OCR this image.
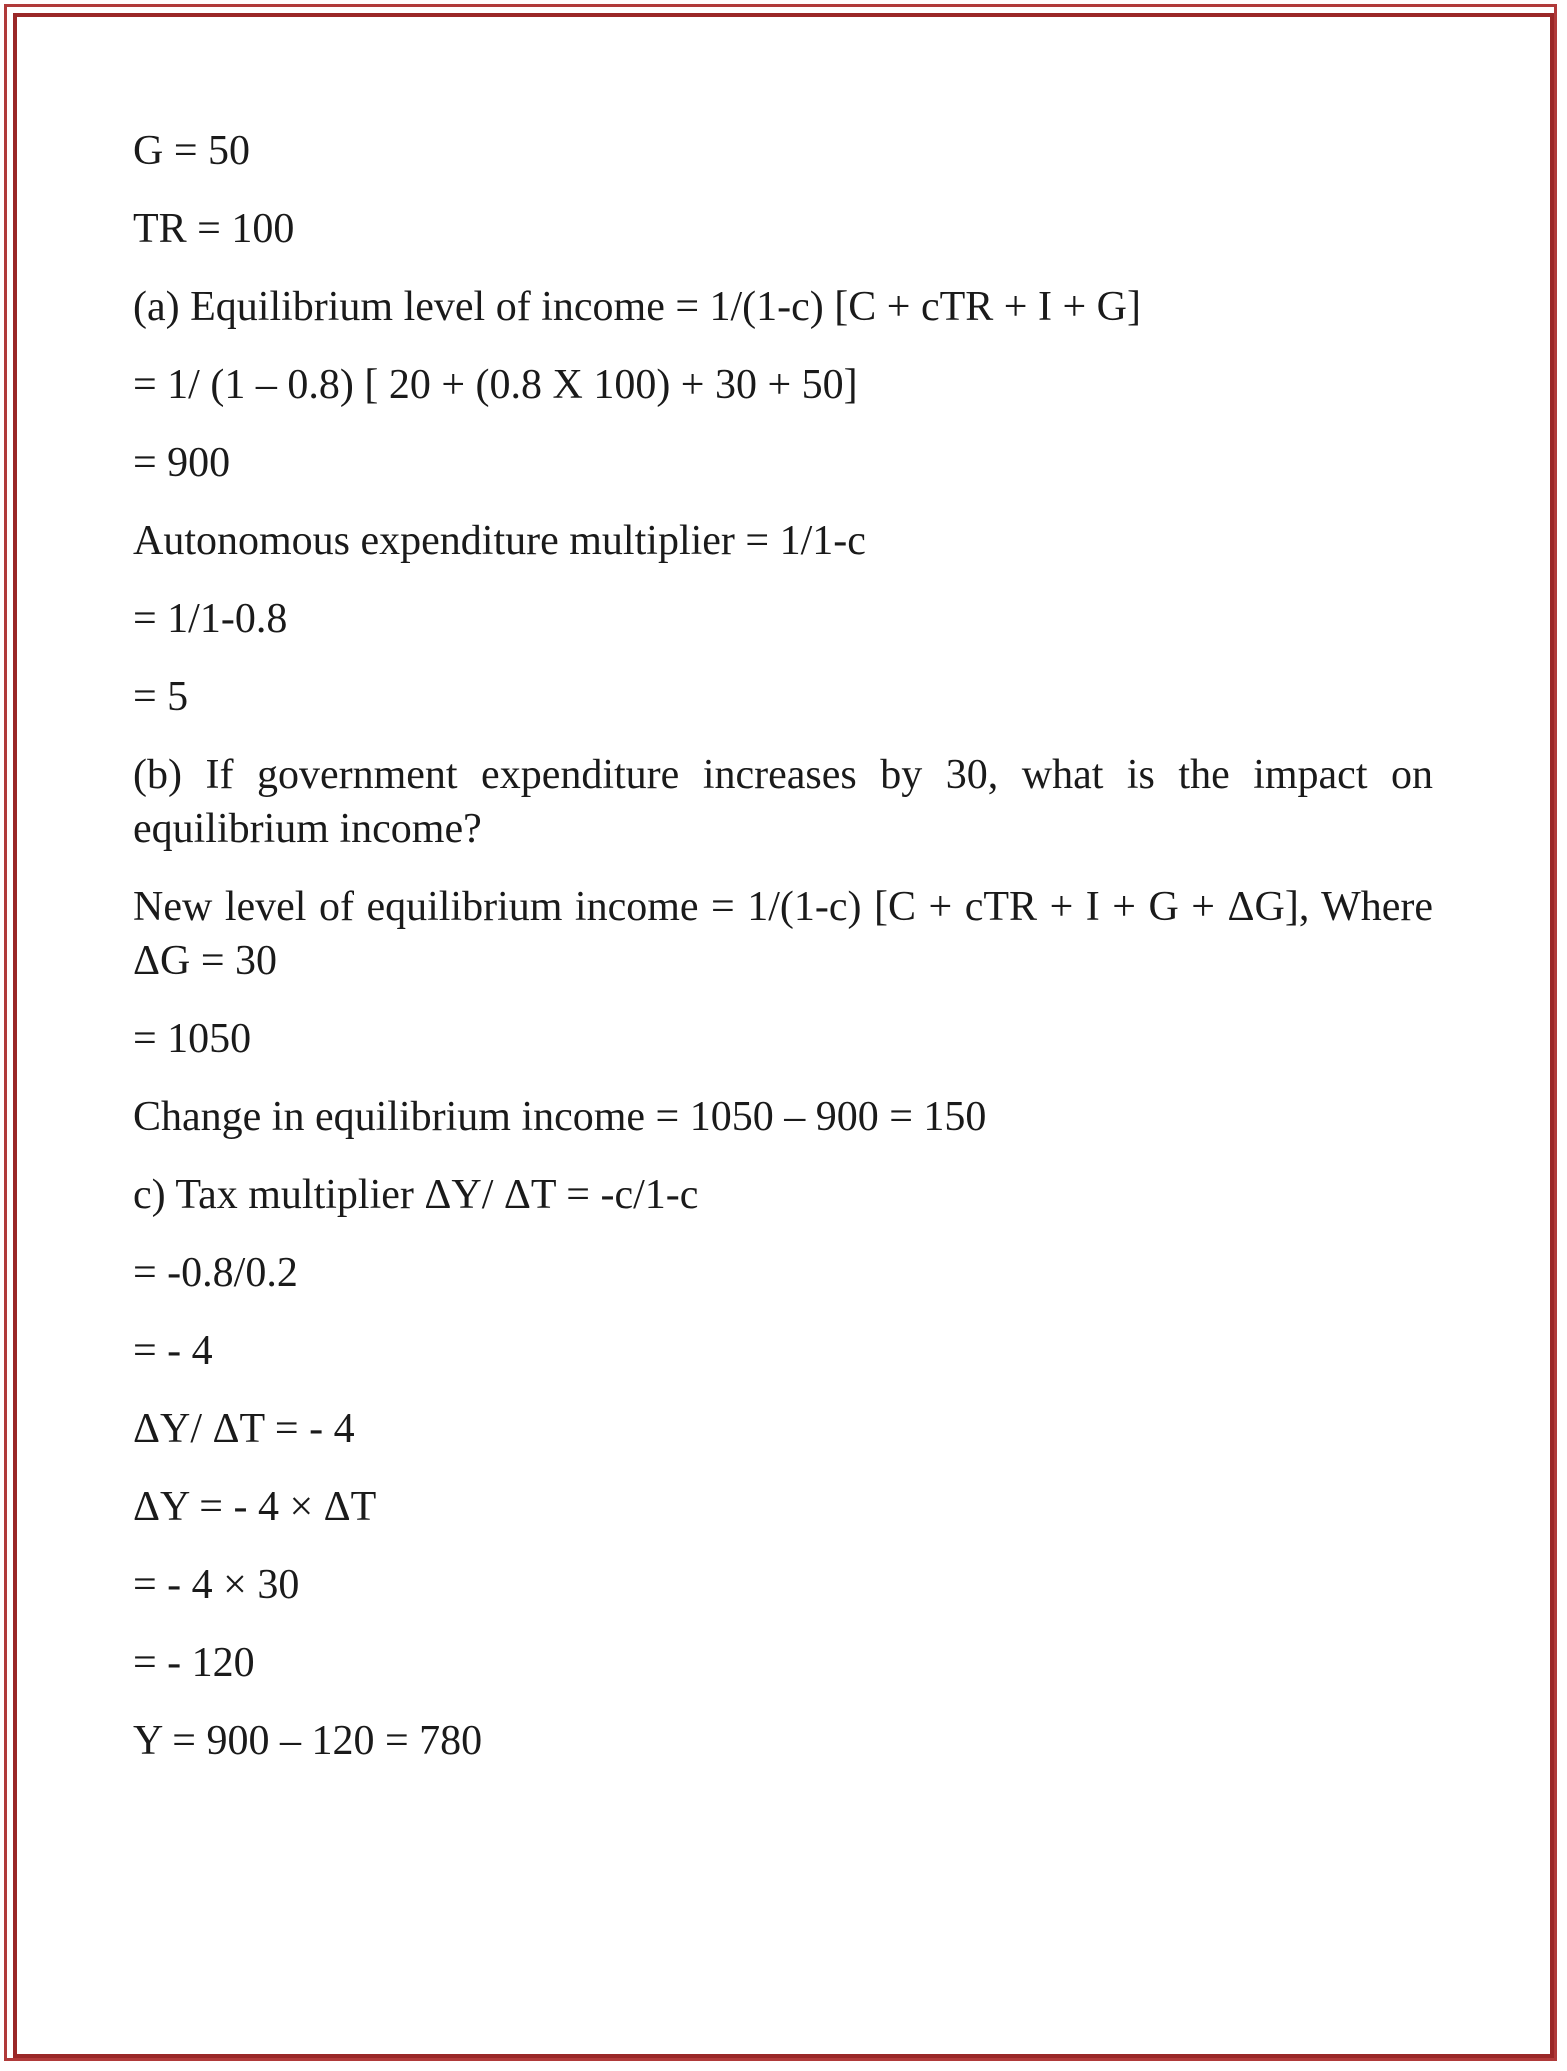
G = 50

TR = 100

(a) Equilibrium level of income = 1/(1-c) [C + cTR + I + G]

= 1/ (1 – 0.8) [ 20 + (0.8 X 100) + 30 + 50]

= 900

Autonomous expenditure multiplier = 1/1-c

= 1/1-0.8

= 5

(b) If government expenditure increases by 30, what is the impact on equilibrium income?

New level of equilibrium income = 1/(1-c) [C + cTR + I + G + ΔG], Where ΔG = 30

= 1050

Change in equilibrium income = 1050 – 900 = 150

c) Tax multiplier ΔY/ ΔT = -c/1-c

= -0.8/0.2

= - 4

ΔY/ ΔT = - 4

ΔY = - 4 × ΔT

= - 4 × 30

= - 120

Y = 900 – 120 = 780
